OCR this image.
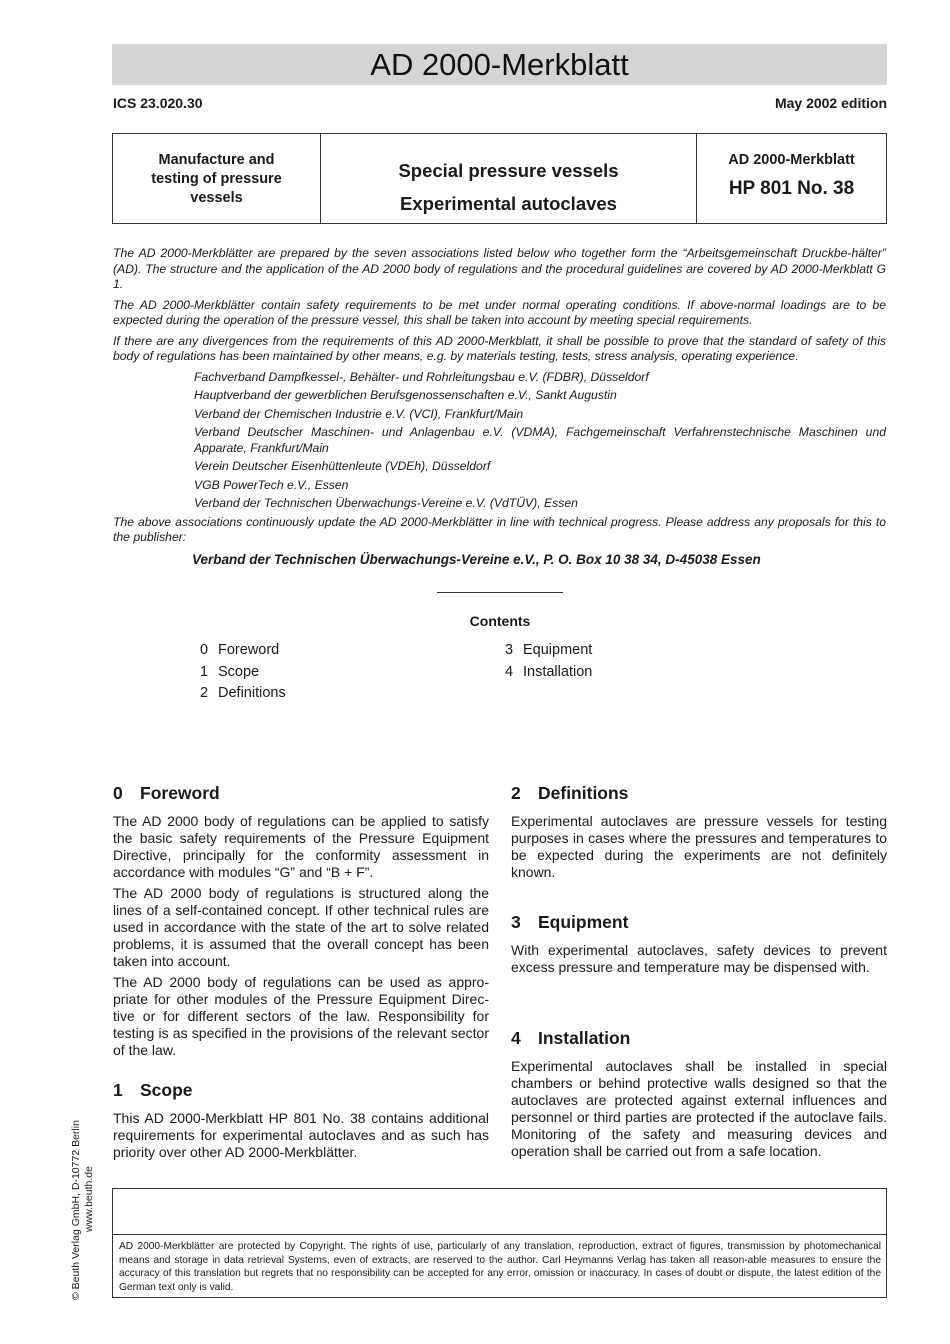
AD 2000-Merkblatt
ICS 23.020.30	May 2002 edition
Manufacture and
testing of pressure
vessels
Special pressure vessels
Experimental autoclaves
AD 2000-Merkblatt
HP 801 No. 38

The AD 2000-Merkblätter are prepared by the seven associations listed below who together form the “Arbeitsgemeinschaft Druckbe-hälter” (AD). The structure and the application of the AD 2000 body of regulations and the procedural guidelines are covered by AD 2000-Merkblatt G 1.

The AD 2000-Merkblätter contain safety requirements to be met under normal operating conditions. If above-normal loadings are to be expected during the operation of the pressure vessel, this shall be taken into account by meeting special requirements.

If there are any divergences from the requirements of this AD 2000-Merkblatt, it shall be possible to prove that the standard of safety of this body of regulations has been maintained by other means, e.g. by materials testing, tests, stress analysis, operating experience.

Fachverband Dampfkessel-, Behälter- und Rohrleitungsbau e.V. (FDBR), Düsseldorf
Hauptverband der gewerblichen Berufsgenossenschaften e.V., Sankt Augustin
Verband der Chemischen Industrie e.V. (VCI), Frankfurt/Main
Verband Deutscher Maschinen- und Anlagenbau e.V. (VDMA), Fachgemeinschaft Verfahrenstechnische Maschinen und Apparate, Frankfurt/Main
Verein Deutscher Eisenhüttenleute (VDEh), Düsseldorf
VGB PowerTech e.V., Essen
Verband der Technischen Überwachungs-Vereine e.V. (VdTÜV), Essen

The above associations continuously update the AD 2000-Merkblätter in line with technical progress. Please address any proposals for this to the publisher:

Verband der Technischen Überwachungs-Vereine e.V., P. O. Box 10 38 34, D-45038 Essen
Contents
0 Foreword
1 Scope
2 Definitions
3 Equipment
4 Installation
0 Foreword

The AD 2000 body of regulations can be applied to satisfy the basic safety requirements of the Pressure Equipment Directive, principally for the conformity assessment in accordance with modules “G” and “B + F”.

The AD 2000 body of regulations is structured along the lines of a self-contained concept. If other technical rules are used in accordance with the state of the art to solve related problems, it is assumed that the overall concept has been taken into account.

The AD 2000 body of regulations can be used as appro-priate for other modules of the Pressure Equipment Direc-tive or for different sectors of the law. Responsibility for testing is as specified in the provisions of the relevant sector of the law.

1 Scope

This AD 2000-Merkblatt HP 801 No. 38 contains additional requirements for experimental autoclaves and as such has priority over other AD 2000-Merkblätter.

2 Definitions

Experimental autoclaves are pressure vessels for testing purposes in cases where the pressures and temperatures to be expected during the experiments are not definitely known.

3 Equipment

With experimental autoclaves, safety devices to prevent excess pressure and temperature may be dispensed with.

4 Installation

Experimental autoclaves shall be installed in special chambers or behind protective walls designed so that the autoclaves are protected against external influences and personnel or third parties are protected if the autoclave fails. Monitoring of the safety and measuring devices and operation shall be carried out from a safe location.

© Beuth Verlag GmbH, D-10772 Berlin www.beuth.de
AD 2000-Merkblätter are protected by Copyright. The rights of use, particularly of any translation, reproduction, extract of figures, transmission by photomechanical means and storage in data retrieval Systems, even of extracts, are reserved to the author. Carl Heymanns Verlag has taken all reason-able measures to ensure the accuracy of this translation but regrets that no responsibility can be accepted for any error, omission or inaccuracy. In cases of doubt or dispute, the latest edition of the German text only is valid.
